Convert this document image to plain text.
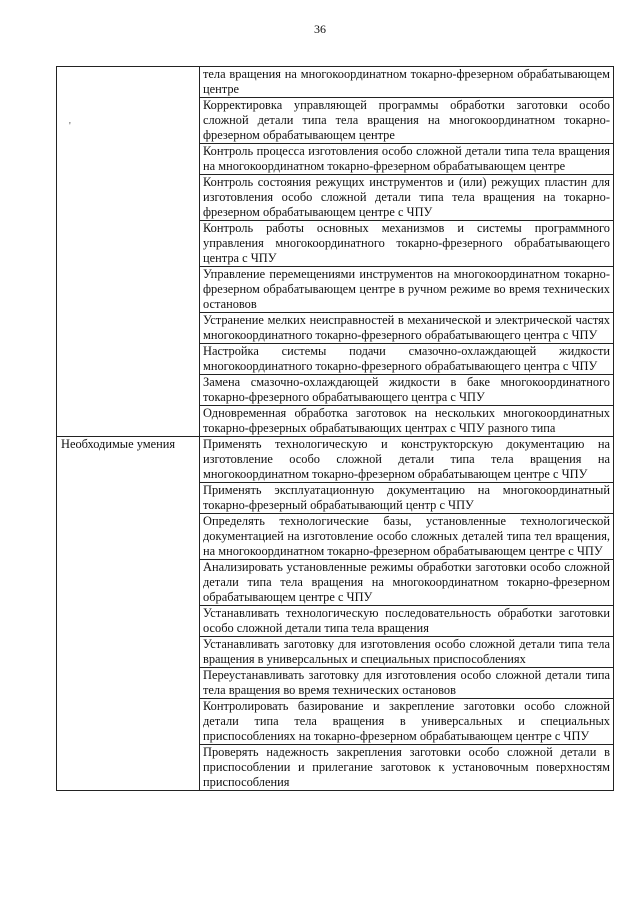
36
'	тела вращения на многокоординатном токарно-фрезерном обрабатывающем центре
	Корректировка управляющей программы обработки заготовки особо сложной детали типа тела вращения на многокоординатном токарно-фрезерном обрабатывающем центре
	Контроль процесса изготовления особо сложной детали типа тела вращения на многокоординатном токарно-фрезерном обрабатывающем центре
	Контроль состояния режущих инструментов и (или) режущих пластин для изготовления особо сложной детали типа тела вращения на токарно-фрезерном обрабатывающем центре с ЧПУ
	Контроль работы основных механизмов и системы программного управления многокоординатного токарно-фрезерного обрабатывающего центра с ЧПУ
	Управление перемещениями инструментов на многокоординатном токарно-фрезерном обрабатывающем центре в ручном режиме во время технических остановов
	Устранение мелких неисправностей в механической и электрической частях многокоординатного токарно-фрезерного обрабатывающего центра с ЧПУ
	Настройка системы подачи смазочно-охлаждающей жидкости многокоординатного токарно-фрезерного обрабатывающего центра с ЧПУ
	Замена смазочно-охлаждающей жидкости в баке многокоординатного токарно-фрезерного обрабатывающего центра с ЧПУ
	Одновременная обработка заготовок на нескольких многокоординатных токарно-фрезерных обрабатывающих центрах с ЧПУ разного типа
Необходимые умения	Применять технологическую и конструкторскую документацию на изготовление особо сложной детали типа тела вращения на многокоординатном токарно-фрезерном обрабатывающем центре с ЧПУ
	Применять эксплуатационную документацию на многокоординатный токарно-фрезерный обрабатывающий центр с ЧПУ
	Определять технологические базы, установленные технологической документацией на изготовление особо сложных деталей типа тел вращения, на многокоординатном токарно-фрезерном обрабатывающем центре с ЧПУ
	Анализировать установленные режимы обработки заготовки особо сложной детали типа тела вращения на многокоординатном токарно-фрезерном обрабатывающем центре с ЧПУ
	Устанавливать технологическую последовательность обработки заготовки особо сложной детали типа тела вращения
	Устанавливать заготовку для изготовления особо сложной детали типа тела вращения в универсальных и специальных приспособлениях
	Переустанавливать заготовку для изготовления особо сложной детали типа тела вращения во время технических остановов
	Контролировать базирование и закрепление заготовки особо сложной детали типа тела вращения в универсальных и специальных приспособлениях на токарно-фрезерном обрабатывающем центре с ЧПУ
	Проверять надежность закрепления заготовки особо сложной детали в приспособлении и прилегание заготовок к установочным поверхностям приспособления
